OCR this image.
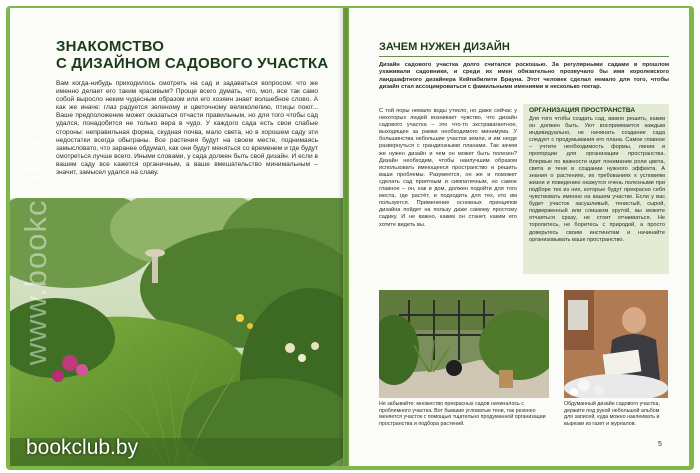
ЗНАКОМСТВО
С ДИЗАЙНОМ САДОВОГО УЧАСТКА
Вам когда-нибудь приходилось смотреть на сад и задаваться вопросом: что же именно делает его таким красивым? Проще всего думать, что, мол, все так само собой выросло неким чудесным образом или его хозяин знает волшебное слово. А как же иначе: глаз радуется зеленому и цветочному великолепию, птицы поют... Ваше предположение может оказаться отчасти правильным, но для того чтобы сад удался, понадобится не только вера в чудо. У каждого сада есть свои слабые стороны: неправильная форма, скудная почва, мало света, но в хорошем саду эти недостатки всегда обыграны. Все растения будут на своем месте, поднимаясь замысловато, что заранее обдумал, как они будут меняться со временем и где будут смотреться лучше всего. Иными словами, у сада должен быть свой дизайн. И если в вашем саду все кажется органичным, а ваше вмешательство минимальным – значит, замысел удался на славу.
www.bookclub.by
bookclub.by
ЗАЧЕМ НУЖЕН ДИЗАЙН
Дизайн садового участка долго считался роскошью. За регулярными садами в прошлом ухаживали садовники, и среди их имен обязательно прозвучало бы имя королевского ландшафтного дизайнера Кейпабилити Брауна. Этот человек сделал немало для того, чтобы дизайн стал ассоциироваться с фамильными имениями в несколько гектар.
С той поры немало воды утекло, но даже сейчас у некоторых людей возникает чувство, что дизайн садового участка – это что-то экстравагантное, выходящее за рамки необходимого минимума. У большинства небольшие участки земли, и им негде развернуться с грандиозными планами. Так зачем же нужен дизайн и чем он может быть полезен? Дизайн необходим, чтобы наилучшим образом использовать имеющееся пространство и решить ваши проблемы. Разумеется, он же и поможет сделать сад приятным и симпатичным, но самое главное – он, как и дом, должен подойти для того места, где растёт, и подходить для тех, кто им пользуется. Применение основных принципов дизайна пойдет на пользу даже самому простому садику. И не важно, каким он станет, каким его хотите видеть вы.
ОРГАНИЗАЦИЯ ПРОСТРАНСТВА
Для того чтобы создать сад, важно решить, каким он должен быть. Уют восприимается каждым индивидуально, не начинать создание сада следует с продумывания его плана. Самое главное – учтите необходимость формы, линии и пропорции для организации пространства. Впервые по важности идет понимание роли цвета, света и тени в создании нужного эффекта. А знания о растениях, их требованиях к условиям жизни и поведению окажутся очень полезными при подборе тех из них, которые будут прекрасно себя чувствовать именно на вашем участке. Если у вас будет участок засушливый, тенистый, сырой, подверженный или слишком крутой, вы можете отчаяться сразу, не стоит отчаиваться. Не торопитесь, не боритесь с природой, а просто доверьтесь своим инстинктам и начинайте организовывать ваше пространство.
Не забывайте: множество прекрасных садов начиналось с проблемного участка. Вот бывшие угловатые тени, так резонно меняется участок с помощью тщательно продуманной организации пространства и подбора растений.
Обдуманный дизайн садового участка, держите под рукой небольшой альбом для записей, куда можно наклеивать и вырезки из газет и журналов.
5
